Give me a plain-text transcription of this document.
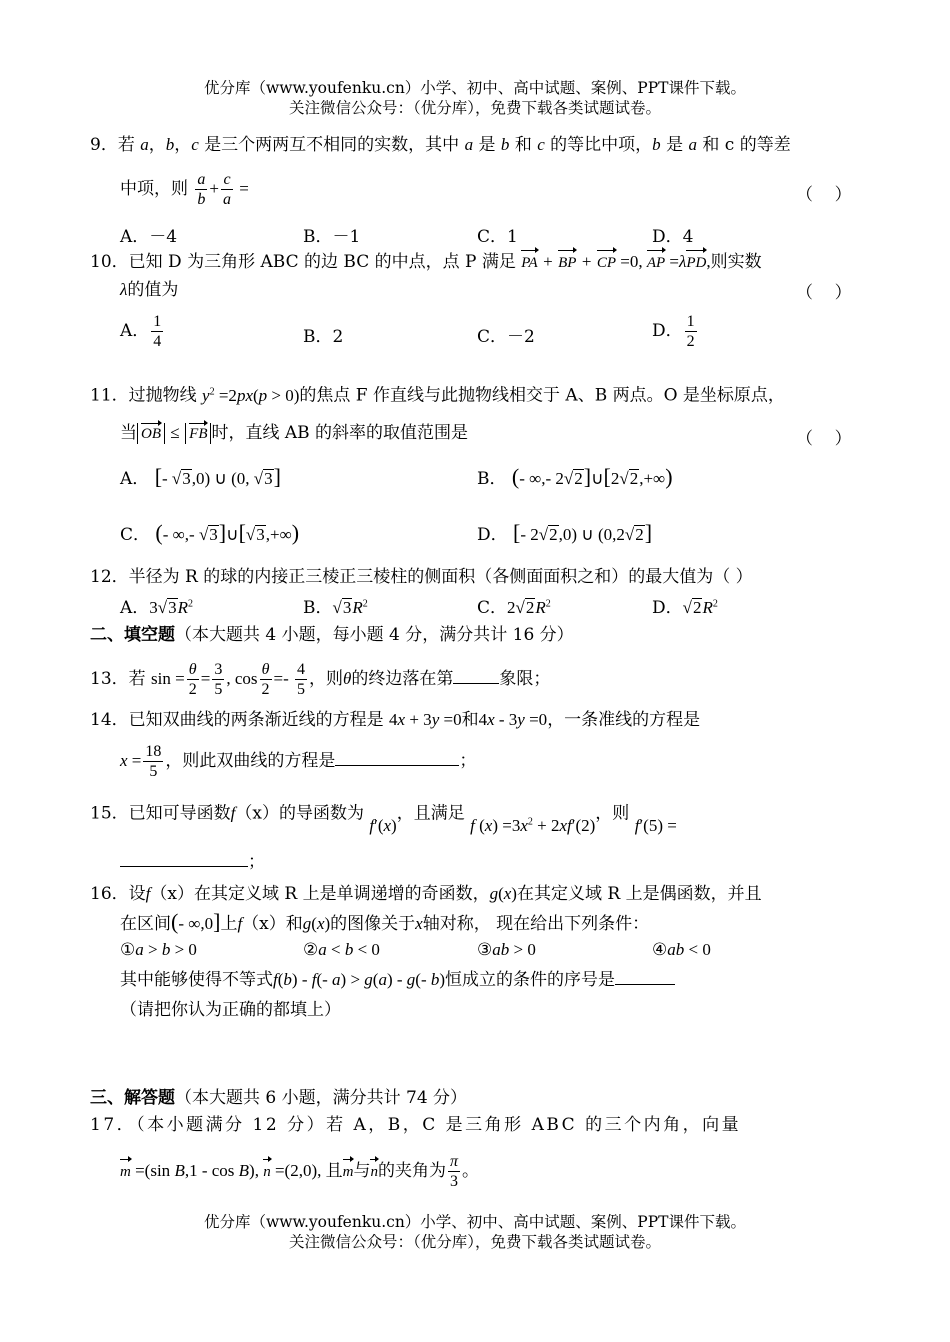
优分库（www.youfenku.cn）小学、初中、高中试题、案例、PPT课件下载。
关注微信公众号：（优分库），免费下载各类试题试卷。
9．若 a，b，c 是三个两两互不相同的实数，其中 a 是 b 和 c 的等比中项，b 是 a 和 c 的等差
中项，则 $\frac{a}{b} + \frac{c}{a}$ =	（    ）
A．－4	B．－1	C．1	D．4
10．已知 D 为三角形 ABC 的边 BC 的中点，点 P 满足 PA + BP + CP =0, AP =λPD,则实数
λ的值为	（    ）
A． $\frac{1}{4}$	B．2	C．－2	D． $\frac{1}{2}$
11．过抛物线 $y^2 =2px(p > 0)$的焦点 F 作直线与此抛物线相交于 A、B 两点。O 是坐标原点，
当 OB ≤ FB 时，直线 AB 的斜率的取值范围是	（    ）
A． [- √3,0) ∪ (0, √3]	B． (- ∞,- 2√2]∪[2√2,+∞)
C． (- ∞,- √3]∪[√3,+∞)	D． [- 2√2,0) ∪ (0,2√2]
12．半径为 R 的球的内接正三棱正三棱柱的侧面积（各侧面面积之和）的最大值为（ ）
A．$3√3R^2$	B．$√3R^2$	C．$2√2R^2$	D．$√2R^2$
二、填空题（本大题共 4 小题，每小题 4 分，满分共计 16 分）
13．若 $\sin = \frac{\theta}{2} = \frac{3}{5}$ , $\cos \frac{\theta}{2} =- \frac{4}{5}$ ，则θ的终边落在第	象限；
14．已知双曲线的两条渐近线的方程是 4x + 3y =0和4x - 3y =0，一条准线的方程是
$x = \frac{18}{5}$ ，则此双曲线的方程是	；
15．已知可导函数f（x）的导函数为 f′(x)，且满足 f $(x) =3x^2 + 2xf'(2)$，则 f′(5) =
；
16．设f（x）在其定义域 R 上是单调递增的奇函数，g(x)在其定义域 R 上是偶函数，并且
在区间(- ∞,0]上f（x）和g(x)的图像关于x轴对称， 现在给出下列条件：
①a > b > 0	②a < b < 0	③ab > 0	④ab < 0
其中能够使得不等式f(b) - f(- a) > g(a) - g(- b)恒成立的条件的序号是
（请把你认为正确的都填上）
三、解答题（本大题共 6 小题，满分共计 74 分）
17．（本小题满分 12 分）若 A，B，C 是三角形 ABC 的三个内角，向量
m =(sin B,1 - cos B), n =(2,0), 且m与n的夹角为 $\frac{\pi}{3}$ 。
优分库（www.youfenku.cn）小学、初中、高中试题、案例、PPT课件下载。
关注微信公众号：（优分库），免费下载各类试题试卷。
